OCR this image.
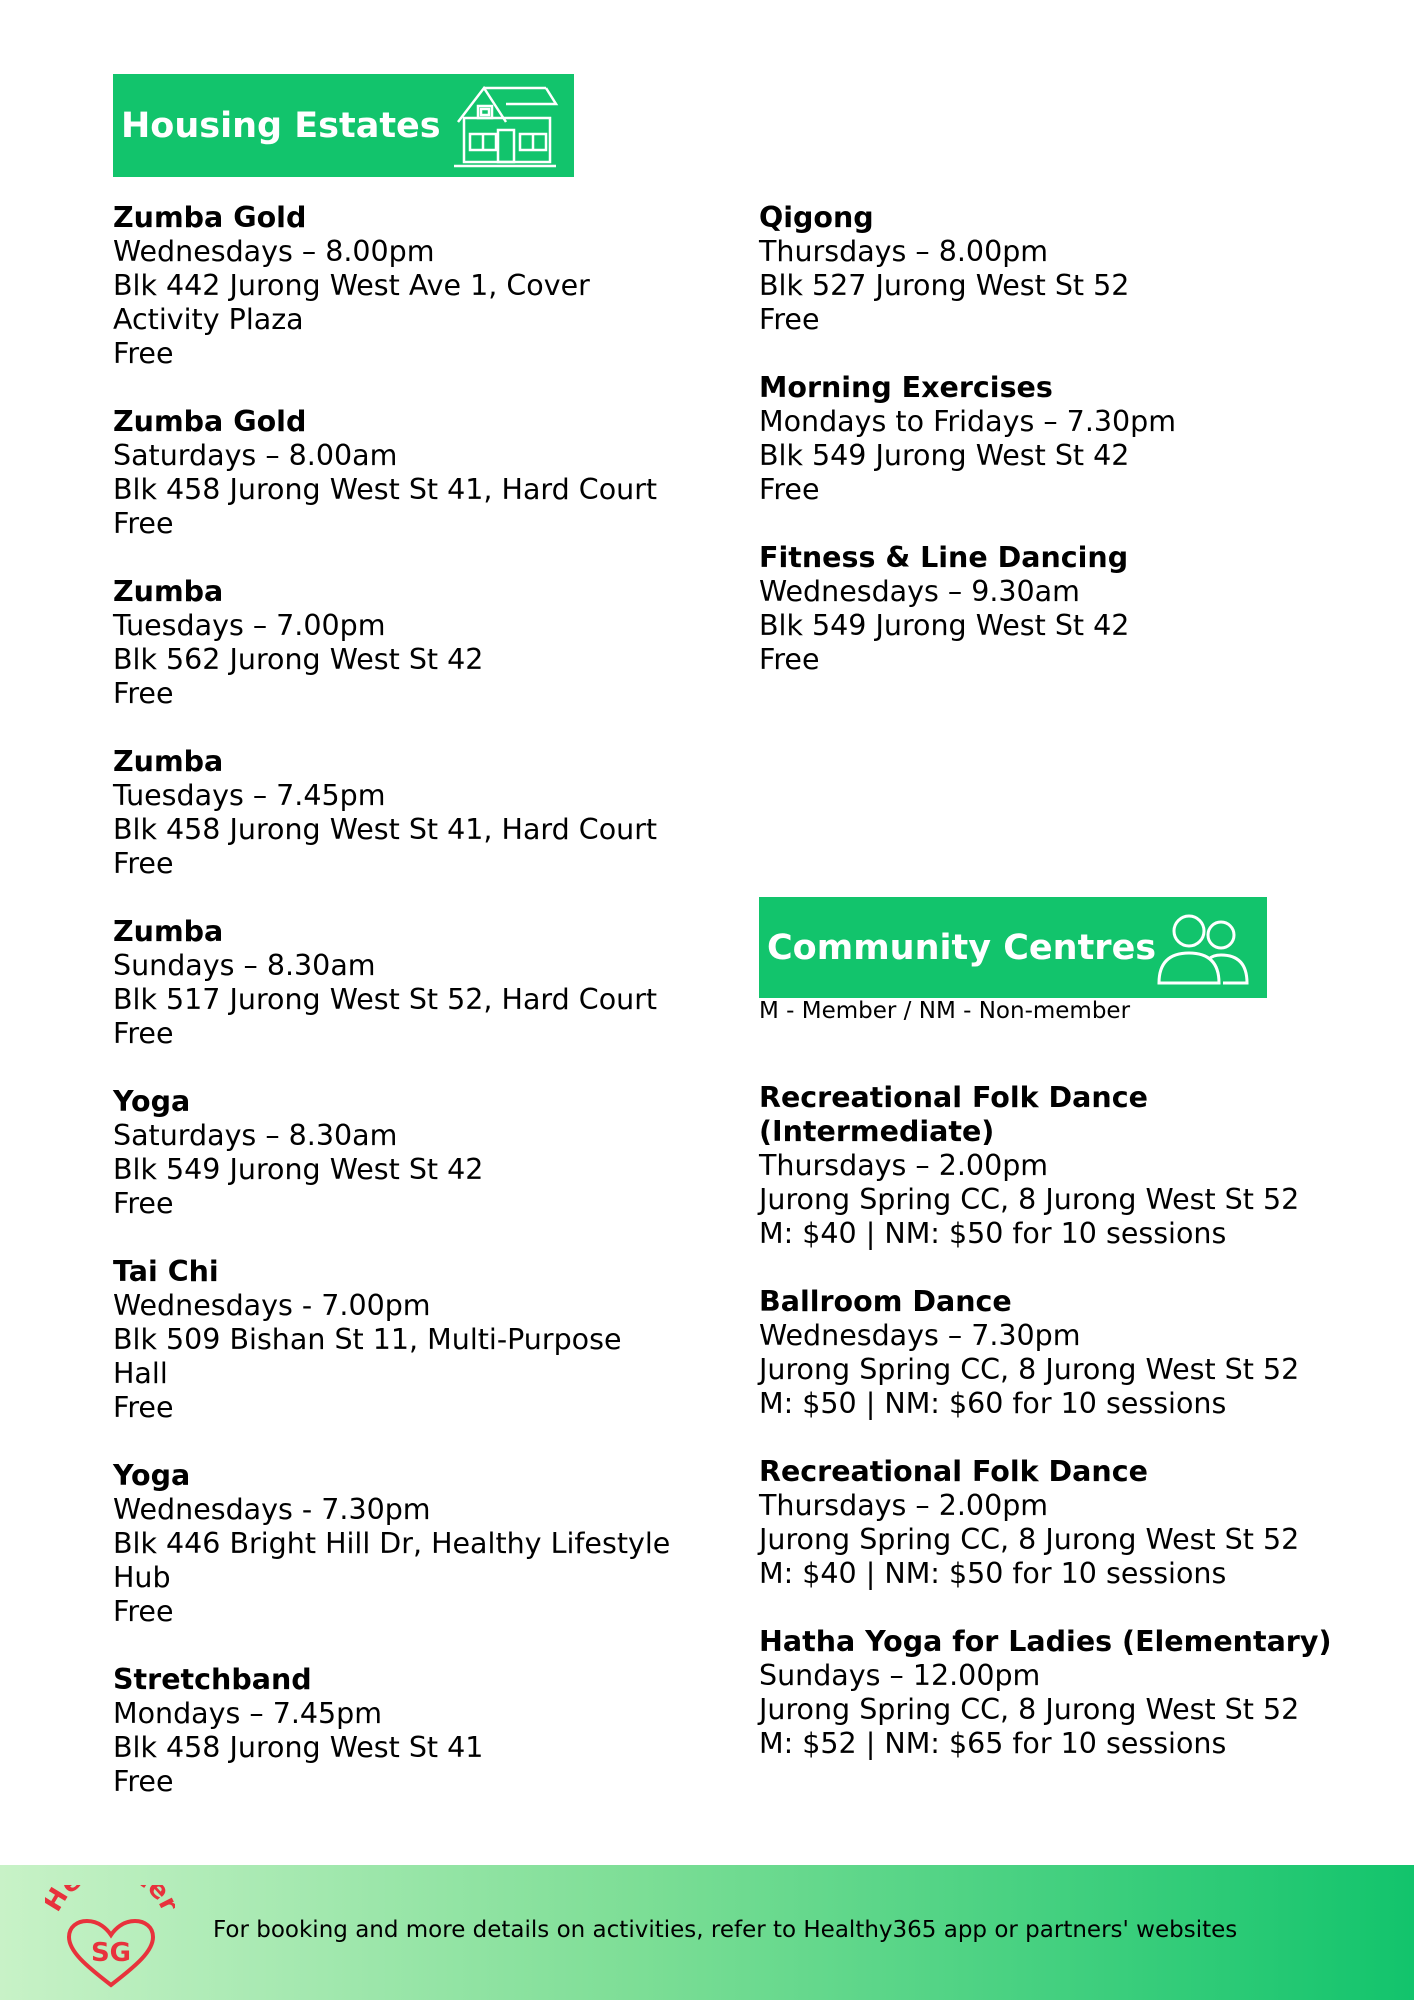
Housing Estates
Zumba Gold
Wednesdays – 8.00pm
Blk 442 Jurong West Ave 1, Cover Activity Plaza
Free
Zumba Gold
Saturdays – 8.00am
Blk 458 Jurong West St 41, Hard Court
Free
Zumba
Tuesdays – 7.00pm
Blk 562 Jurong West St 42
Free
Zumba
Tuesdays – 7.45pm
Blk 458 Jurong West St 41, Hard Court
Free
Zumba
Sundays – 8.30am
Blk 517 Jurong West St 52, Hard Court
Free
Yoga
Saturdays – 8.30am
Blk 549 Jurong West St 42
Free
Tai Chi
Wednesdays - 7.00pm
Blk 509 Bishan St 11, Multi-Purpose Hall
Free
Yoga
Wednesdays - 7.30pm
Blk 446 Bright Hill Dr, Healthy Lifestyle Hub
Free
Stretchband
Mondays – 7.45pm
Blk 458 Jurong West St 41
Free
Qigong
Thursdays – 8.00pm
Blk 527 Jurong West St 52
Free
Morning Exercises
Mondays to Fridays – 7.30pm
Blk 549 Jurong West St 42
Free
Fitness & Line Dancing
Wednesdays – 9.30am
Blk 549 Jurong West St 42
Free
Community Centres
M - Member / NM - Non-member
Recreational Folk Dance (Intermediate)
Thursdays – 2.00pm
Jurong Spring CC, 8 Jurong West St 52
M: $40 | NM: $50 for 10 sessions
Ballroom Dance
Wednesdays – 7.30pm
Jurong Spring CC, 8 Jurong West St 52
M: $50 | NM: $60 for 10 sessions
Recreational Folk Dance
Thursdays – 2.00pm
Jurong Spring CC, 8 Jurong West St 52
M: $40 | NM: $50 for 10 sessions
Hatha Yoga for Ladies (Elementary)
Sundays – 12.00pm
Jurong Spring CC, 8 Jurong West St 52
M: $52 | NM: $65 for 10 sessions
e
SG
For booking and more details on activities, refer to Healthy365 app or partners' websites
